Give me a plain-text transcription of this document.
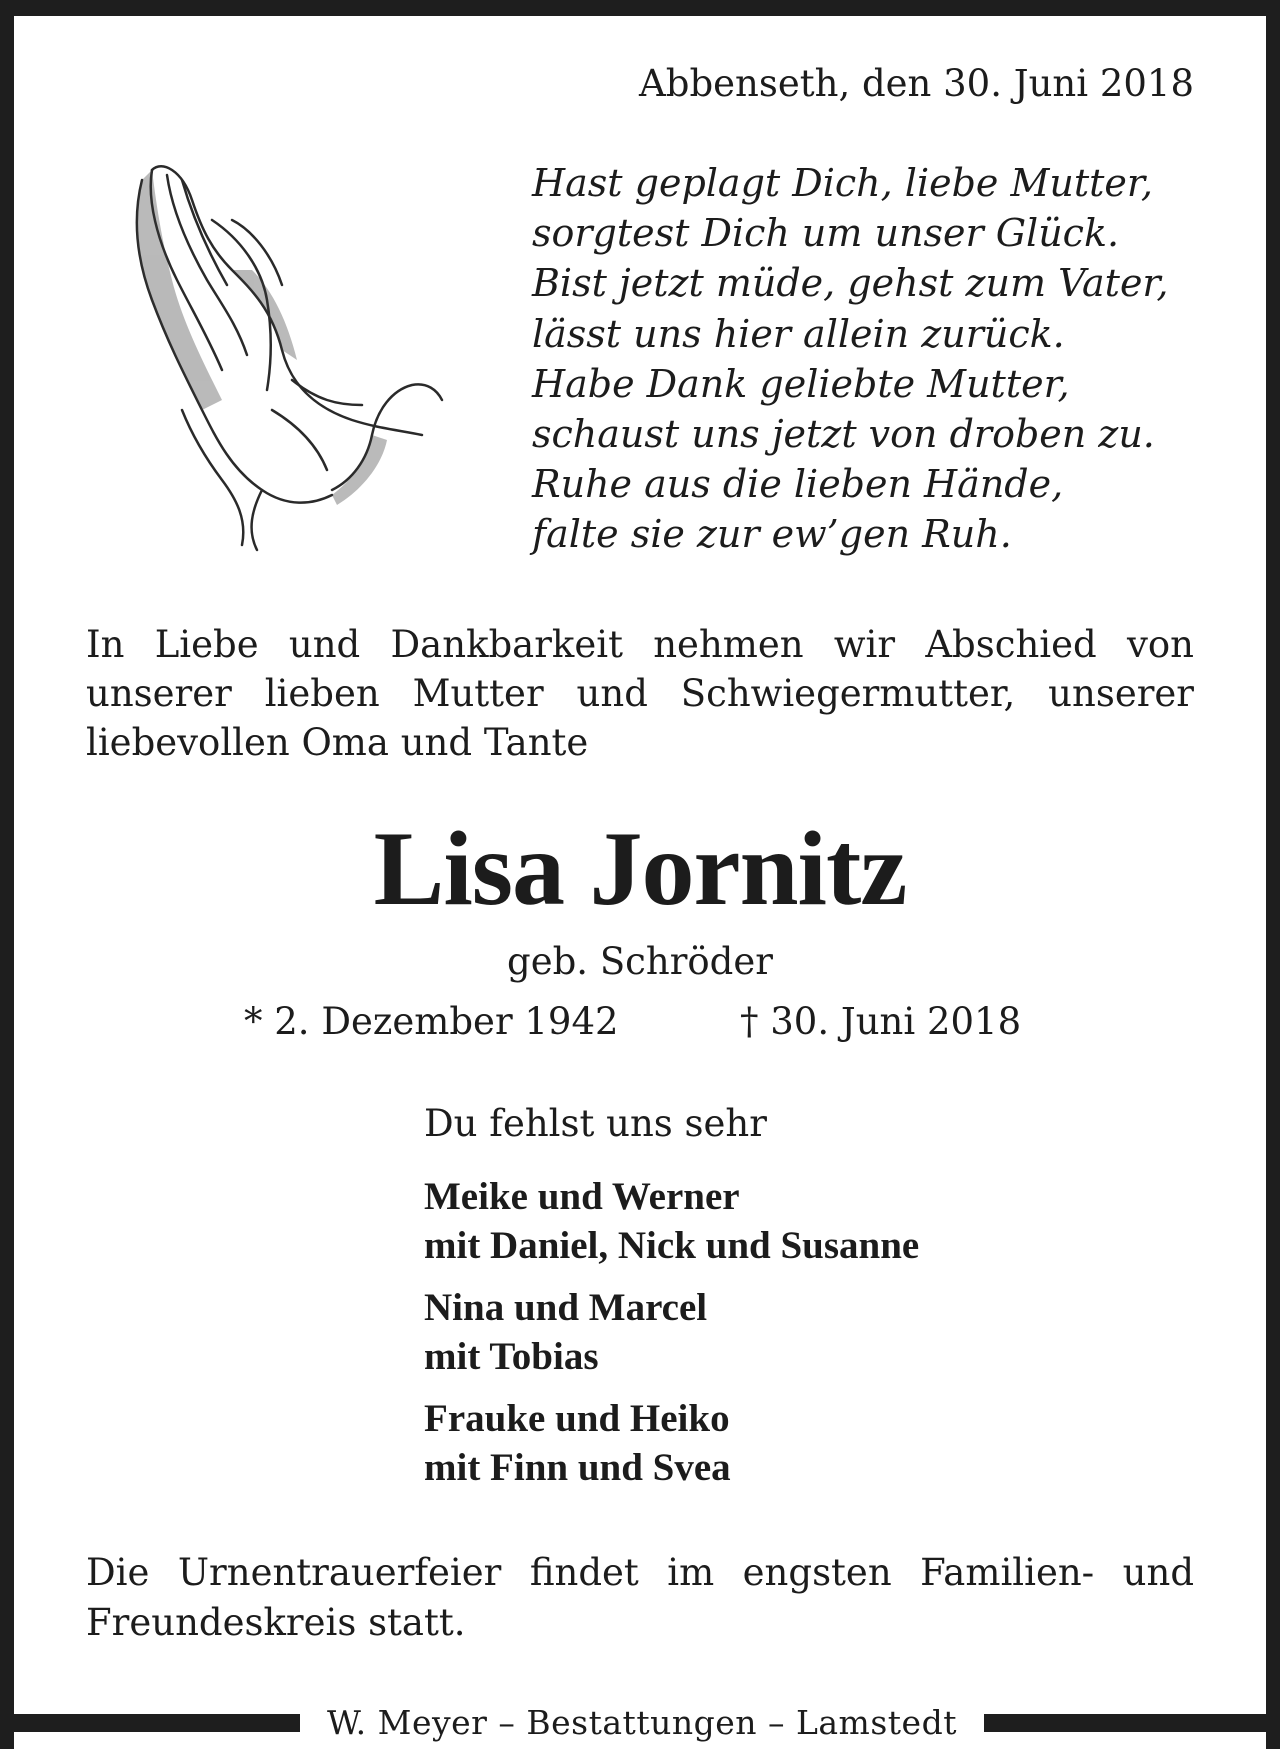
Abbenseth, den 30. Juni 2018
Hast geplagt Dich, liebe Mutter,
sorgtest Dich um unser Glück.
Bist jetzt müde, gehst zum Vater,
lässt uns hier allein zurück.
Habe Dank geliebte Mutter,
schaust uns jetzt von droben zu.
Ruhe aus die lieben Hände,
falte sie zur ew’gen Ruh.
In Liebe und Dankbarkeit nehmen wir Abschied von
unserer lieben Mutter und Schwiegermutter, unserer
liebevollen Oma und Tante
Lisa Jornitz
geb. Schröder
* 2. Dezember 1942	† 30. Juni 2018
Du fehlst uns sehr
Meike und Werner
mit Daniel, Nick und Susanne
Nina und Marcel
mit Tobias
Frauke und Heiko
mit Finn und Svea
Die Urnentrauerfeier findet im engsten Familien- und
Freundeskreis statt.
W. Meyer – Bestattungen – Lamstedt
